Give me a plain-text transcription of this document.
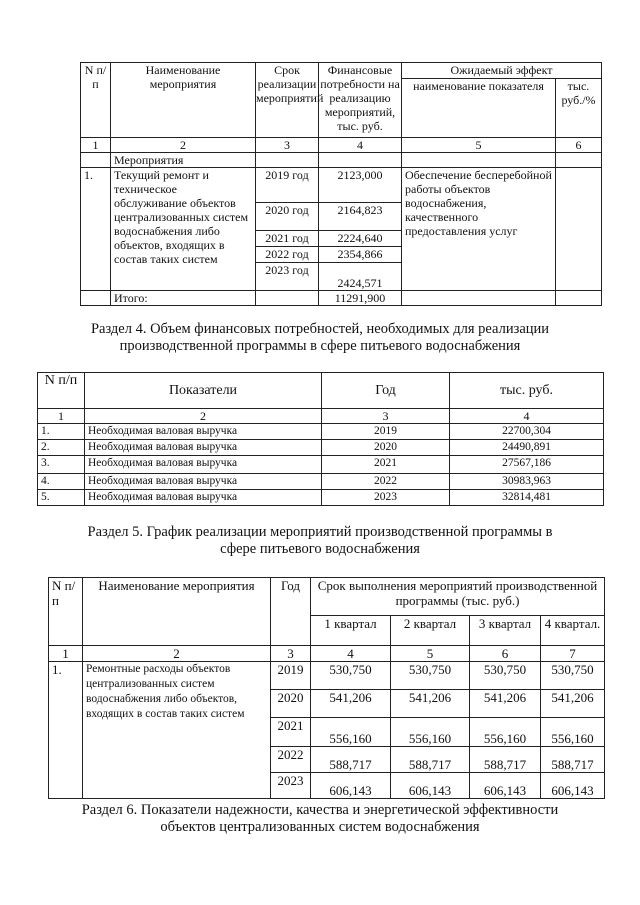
N п/п	Наименование мероприятия	Срок реализации мероприятий	Финансовые потребности на реализацию мероприятий, тыс. руб.	Ожидаемый эффект	
				наименование показателя	тыс. руб./%
1	2	3	4	5	6
	Мероприятия				
1.	Текущий ремонт и техническое обслуживание объектов централизованных систем водоснабжения либо объектов, входящих в состав таких систем	2019 год	2123,000	Обеспечение бесперебойной работы объектов водоснабжения, качественного предоставления услуг	
		2020 год	2164,823		
		2021 год	2224,640		
		2022 год	2354,866		
		2023 год	2424,571		
	Итого:		11291,900		
Раздел 4. Объем финансовых потребностей, необходимых для реализации производственной программы в сфере питьевого водоснабжения
N п/п	Показатели	Год	тыс. руб.
1	2	3	4
1.	Необходимая валовая выручка	2019	22700,304
2.	Необходимая валовая выручка	2020	24490,891
3.	Необходимая валовая выручка	2021	27567,186
4.	Необходимая валовая выручка	2022	30983,963
5.	Необходимая валовая выручка	2023	32814,481
Раздел 5. График реализации мероприятий производственной программы в сфере питьевого водоснабжения
N п/ п	Наименование мероприятия	Год	Срок выполнения мероприятий производственной программы (тыс. руб.)			
			1 квартал	2 квартал	3 квартал	4 квартал.
1	2	3	4	5	6	7
1.	Ремонтные расходы объектов централизованных систем водоснабжения либо объектов, входящих в состав таких систем	2019	530,750	530,750	530,750	530,750
		2020	541,206	541,206	541,206	541,206
		2021	556,160	556,160	556,160	556,160
		2022	588,717	588,717	588,717	588,717
		2023	606,143	606,143	606,143	606,143
Раздел 6. Показатели надежности, качества и энергетической эффективности объектов централизованных систем водоснабжения
